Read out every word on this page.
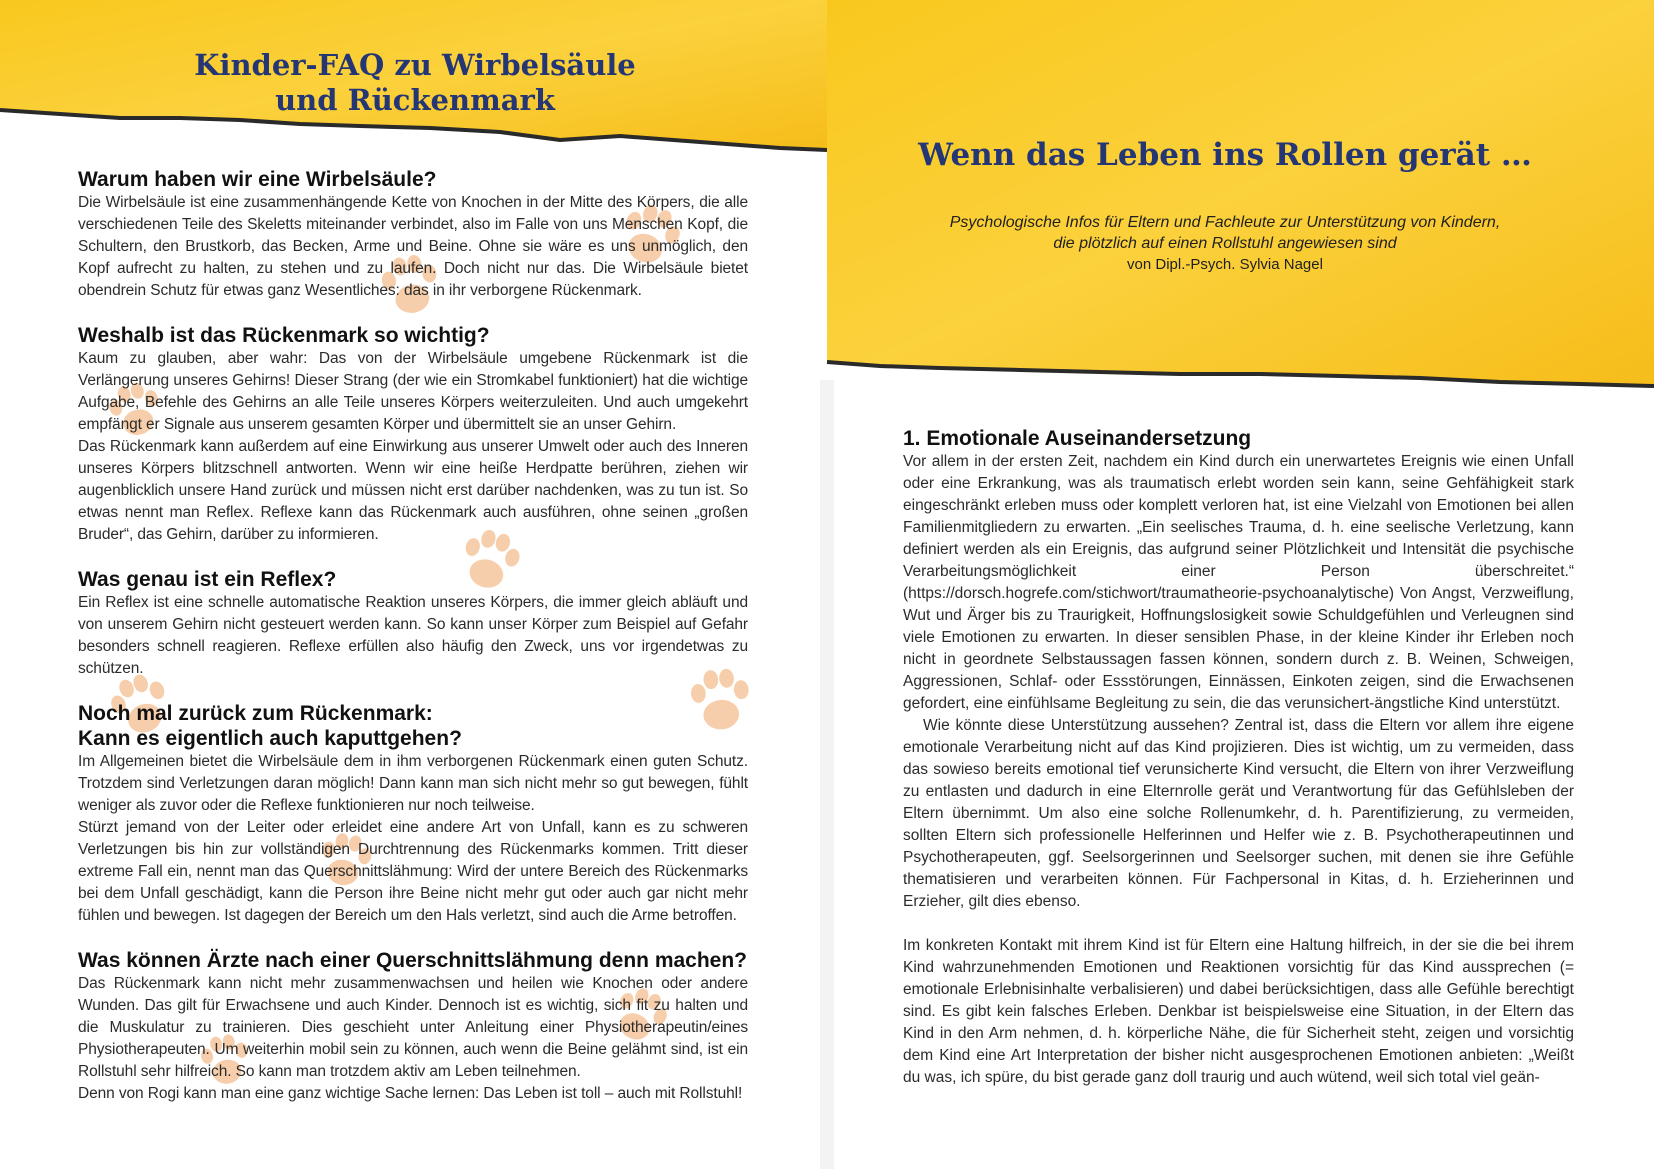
Kinder-FAQ zu Wirbelsäule
und Rückenmark
Warum haben wir eine Wirbelsäule?

Die Wirbelsäule ist eine zusammenhängende Kette von Knochen in der Mitte des Körpers, die alle verschiedenen Teile des Skeletts miteinander verbindet, also im Falle von uns Menschen Kopf, die Schultern, den Brustkorb, das Becken, Arme und Beine. Ohne sie wäre es uns unmöglich, den Kopf aufrecht zu halten, zu stehen und zu laufen. Doch nicht nur das. Die Wirbelsäule bietet obendrein Schutz für etwas ganz Wesentliches: das in ihr verborgene Rückenmark.

Weshalb ist das Rückenmark so wichtig?

Kaum zu glauben, aber wahr: Das von der Wirbelsäule umgebene Rückenmark ist die Verlängerung unseres Gehirns! Dieser Strang (der wie ein Stromkabel funktioniert) hat die wichtige Aufgabe, Befehle des Gehirns an alle Teile unseres Körpers weiterzuleiten. Und auch umgekehrt empfängt er Signale aus unserem gesamten Körper und übermittelt sie an unser Gehirn.

Das Rückenmark kann außerdem auf eine Einwirkung aus unserer Umwelt oder auch des Inneren unseres Körpers blitzschnell antworten. Wenn wir eine heiße Herdpatte berühren, ziehen wir augenblicklich unsere Hand zurück und müssen nicht erst darüber nachdenken, was zu tun ist. So etwas nennt man Reflex. Reflexe kann das Rückenmark auch ausführen, ohne seinen „großen Bruder“, das Gehirn, darüber zu informieren.

Was genau ist ein Reflex?

Ein Reflex ist eine schnelle automatische Reaktion unseres Körpers, die immer gleich abläuft und von unserem Gehirn nicht gesteuert werden kann. So kann unser Körper zum Beispiel auf Gefahr besonders schnell reagieren. Reflexe erfüllen also häufig den Zweck, uns vor irgendetwas zu schützen.

Noch mal zurück zum Rückenmark:
Kann es eigentlich auch kaputtgehen?

Im Allgemeinen bietet die Wirbelsäule dem in ihm verborgenen Rückenmark einen guten Schutz. Trotzdem sind Verletzungen daran möglich! Dann kann man sich nicht mehr so gut bewegen, fühlt weniger als zuvor oder die Reflexe funktionieren nur noch teilweise.

Stürzt jemand von der Leiter oder erleidet eine andere Art von Unfall, kann es zu schweren Verletzungen bis hin zur vollständigen Durchtrennung des Rückenmarks kommen. Tritt dieser extreme Fall ein, nennt man das Querschnittslähmung: Wird der untere Bereich des Rückenmarks bei dem Unfall geschädigt, kann die Person ihre Beine nicht mehr gut oder auch gar nicht mehr fühlen und bewegen. Ist dagegen der Bereich um den Hals verletzt, sind auch die Arme betroffen.

Was können Ärzte nach einer Querschnittslähmung denn machen?

Das Rückenmark kann nicht mehr zusammenwachsen und heilen wie Knochen oder andere Wunden. Das gilt für Erwachsene und auch Kinder. Dennoch ist es wichtig, sich fit zu halten und die Muskulatur zu trainieren. Dies geschieht unter Anleitung einer Physiotherapeutin/eines Physiotherapeuten. Um weiterhin mobil sein zu können, auch wenn die Beine gelähmt sind, ist ein Rollstuhl sehr hilfreich. So kann man trotzdem aktiv am Leben teilnehmen.

Denn von Rogi kann man eine ganz wichtige Sache lernen: Das Leben ist toll – auch mit Rollstuhl!

Wenn das Leben ins Rollen gerät …

Psychologische Infos für Eltern und Fachleute zur Unterstützung von Kindern,

die plötzlich auf einen Rollstuhl angewiesen sind

von Dipl.-Psych. Sylvia Nagel

1. Emotionale Auseinandersetzung

Vor allem in der ersten Zeit, nachdem ein Kind durch ein unerwartetes Ereignis wie einen Unfall oder eine Erkrankung, was als traumatisch erlebt worden sein kann, seine Gehfähigkeit stark eingeschränkt erleben muss oder komplett verloren hat, ist eine Vielzahl von Emotionen bei allen Familienmitgliedern zu erwarten. „Ein seelisches Trauma, d. h. eine seelische Verletzung, kann definiert werden als ein Ereignis, das aufgrund seiner Plötzlichkeit und Intensität die psychische Verarbeitungsmöglichkeit einer Person überschreitet.“ (https://dorsch.hogrefe.com/stichwort/traumatheorie-psychoanalytische) Von Angst, Verzweiflung, Wut und Ärger bis zu Traurigkeit, Hoffnungslosigkeit sowie Schuldgefühlen und Verleugnen sind viele Emotionen zu erwarten. In dieser sensiblen Phase, in der kleine Kinder ihr Erleben noch nicht in geordnete Selbstaussagen fassen können, sondern durch z. B. Weinen, Schweigen, Aggressionen, Schlaf- oder Essstörungen, Einnässen, Einkoten zeigen, sind die Erwachsenen gefordert, eine einfühlsame Begleitung zu sein, die das verunsichert-ängstliche Kind unterstützt.

Wie könnte diese Unterstützung aussehen? Zentral ist, dass die Eltern vor allem ihre eigene emotionale Verarbeitung nicht auf das Kind projizieren. Dies ist wichtig, um zu vermeiden, dass das sowieso bereits emotional tief verunsicherte Kind versucht, die Eltern von ihrer Verzweiflung zu entlasten und dadurch in eine Elternrolle gerät und Verantwortung für das Gefühlsleben der Eltern übernimmt. Um also eine solche Rollenumkehr, d. h. Parentifizierung, zu vermeiden, sollten Eltern sich professionelle Helferinnen und Helfer wie z. B. Psychotherapeutinnen und Psychotherapeuten, ggf. Seelsorgerinnen und Seelsorger suchen, mit denen sie ihre Gefühle thematisieren und verarbeiten können. Für Fachpersonal in Kitas, d. h. Erzieherinnen und Erzieher, gilt dies ebenso.

Im konkreten Kontakt mit ihrem Kind ist für Eltern eine Haltung hilfreich, in der sie die bei ihrem Kind wahrzunehmenden Emotionen und Reaktionen vorsichtig für das Kind aussprechen (= emotionale Erlebnisinhalte verbalisieren) und dabei berücksichtigen, dass alle Gefühle berechtigt sind. Es gibt kein falsches Erleben. Denkbar ist beispielsweise eine Situation, in der Eltern das Kind in den Arm nehmen, d. h. körperliche Nähe, die für Sicherheit steht, zeigen und vorsichtig dem Kind eine Art Interpretation der bisher nicht ausgesprochenen Emotionen anbieten: „Weißt du was, ich spüre, du bist gerade ganz doll traurig und auch wütend, weil sich total viel geän-
